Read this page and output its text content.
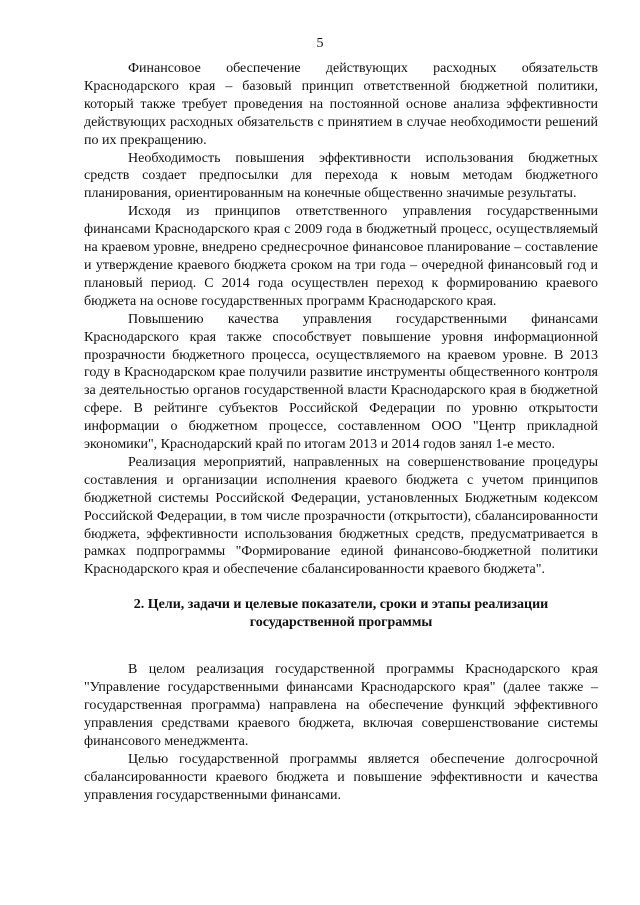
5

Финансовое обеспечение действующих расходных обязательств Краснодарского края – базовый принцип ответственной бюджетной политики, который также требует проведения на постоянной основе анализа эффективности действующих расходных обязательств с принятием в случае необходимости решений по их прекращению.

Необходимость повышения эффективности использования бюджетных средств создает предпосылки для перехода к новым методам бюджетного планирования, ориентированным на конечные общественно значимые результаты.

Исходя из принципов ответственного управления государственными финансами Краснодарского края с 2009 года в бюджетный процесс, осуществляемый на краевом уровне, внедрено среднесрочное финансовое планирование – составление и утверждение краевого бюджета сроком на три года – очередной финансовый год и плановый период. С 2014 года осуществлен переход к формированию краевого бюджета на основе государственных программ Краснодарского края.

Повышению качества управления государственными финансами Краснодарского края также способствует повышение уровня информационной прозрачности бюджетного процесса, осуществляемого на краевом уровне. В 2013 году в Краснодарском крае получили развитие инструменты общественного контроля за деятельностью органов государственной власти Краснодарского края в бюджетной сфере. В рейтинге субъектов Российской Федерации по уровню открытости информации о бюджетном процессе, составленном ООО "Центр прикладной экономики", Краснодарский край по итогам 2013 и 2014 годов занял 1-е место.

Реализация мероприятий, направленных на совершенствование процедуры составления и организации исполнения краевого бюджета с учетом принципов бюджетной системы Российской Федерации, установленных Бюджетным кодексом Российской Федерации, в том числе прозрачности (открытости), сбалансированности бюджета, эффективности использования бюджетных средств, предусматривается в рамках подпрограммы "Формирование единой финансово-бюджетной политики Краснодарского края и обеспечение сбалансированности краевого бюджета".

2. Цели, задачи и целевые показатели, сроки и этапы реализации государственной программы

В целом реализация государственной программы Краснодарского края "Управление государственными финансами Краснодарского края" (далее также – государственная программа) направлена на обеспечение функций эффективного управления средствами краевого бюджета, включая совершенствование системы финансового менеджмента.

Целью государственной программы является обеспечение долгосрочной сбалансированности краевого бюджета и повышение эффективности и качества управления государственными финансами.
